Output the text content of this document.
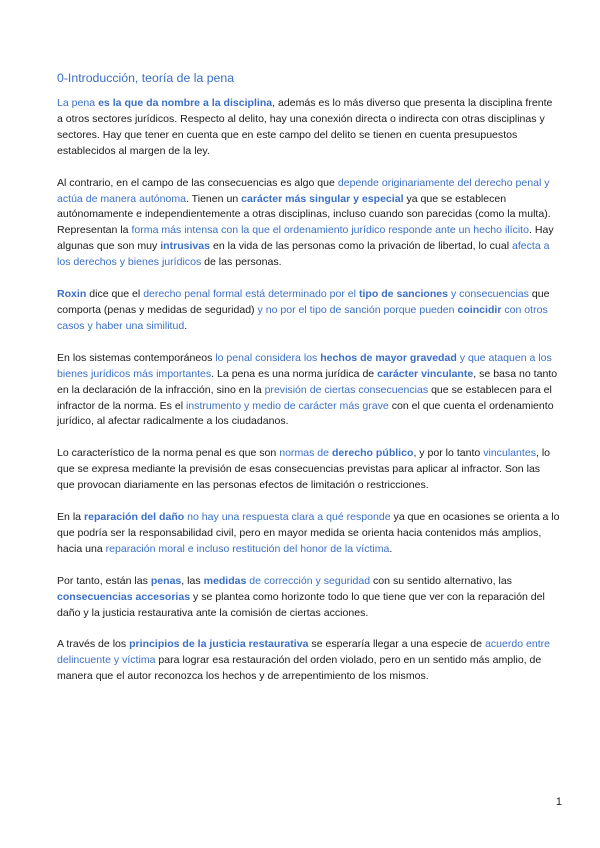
0-Introducción, teoría de la pena

La pena es la que da nombre a la disciplina, además es lo más diverso que presenta la disciplina frente a otros sectores jurídicos. Respecto al delito, hay una conexión directa o indirecta con otras disciplinas y sectores. Hay que tener en cuenta que en este campo del delito se tienen en cuenta presupuestos establecidos al margen de la ley.

Al contrario, en el campo de las consecuencias es algo que depende originariamente del derecho penal y actúa de manera autónoma. Tienen un carácter más singular y especial ya que se establecen autónomamente e independientemente a otras disciplinas, incluso cuando son parecidas (como la multa). Representan la forma más intensa con la que el ordenamiento jurídico responde ante un hecho ilícito. Hay algunas que son muy intrusivas en la vida de las personas como la privación de libertad, lo cual afecta a los derechos y bienes jurídicos de las personas.

Roxin dice que el derecho penal formal está determinado por el tipo de sanciones y consecuencias que comporta (penas y medidas de seguridad) y no por el tipo de sanción porque pueden coincidir con otros casos y haber una similitud.

En los sistemas contemporáneos lo penal considera los hechos de mayor gravedad y que ataquen a los bienes jurídicos más importantes. La pena es una norma jurídica de carácter vinculante, se basa no tanto en la declaración de la infracción, sino en la previsión de ciertas consecuencias que se establecen para el infractor de la norma. Es el instrumento y medio de carácter más grave con el que cuenta el ordenamiento jurídico, al afectar radicalmente a los ciudadanos.

Lo característico de la norma penal es que son normas de derecho público, y por lo tanto vinculantes, lo que se expresa mediante la previsión de esas consecuencias previstas para aplicar al infractor. Son las que provocan diariamente en las personas efectos de limitación o restricciones.

En la reparación del daño no hay una respuesta clara a qué responde ya que en ocasiones se orienta a lo que podría ser la responsabilidad civil, pero en mayor medida se orienta hacia contenidos más amplios, hacia una reparación moral e incluso restitución del honor de la víctima.

Por tanto, están las penas, las medidas de corrección y seguridad con su sentido alternativo, las consecuencias accesorias y se plantea como horizonte todo lo que tiene que ver con la reparación del daño y la justicia restaurativa ante la comisión de ciertas acciones.

A través de los principios de la justicia restaurativa se esperaría llegar a una especie de acuerdo entre delincuente y víctima para lograr esa restauración del orden violado, pero en un sentido más amplio, de manera que el autor reconozca los hechos y de arrepentimiento de los mismos.

1
